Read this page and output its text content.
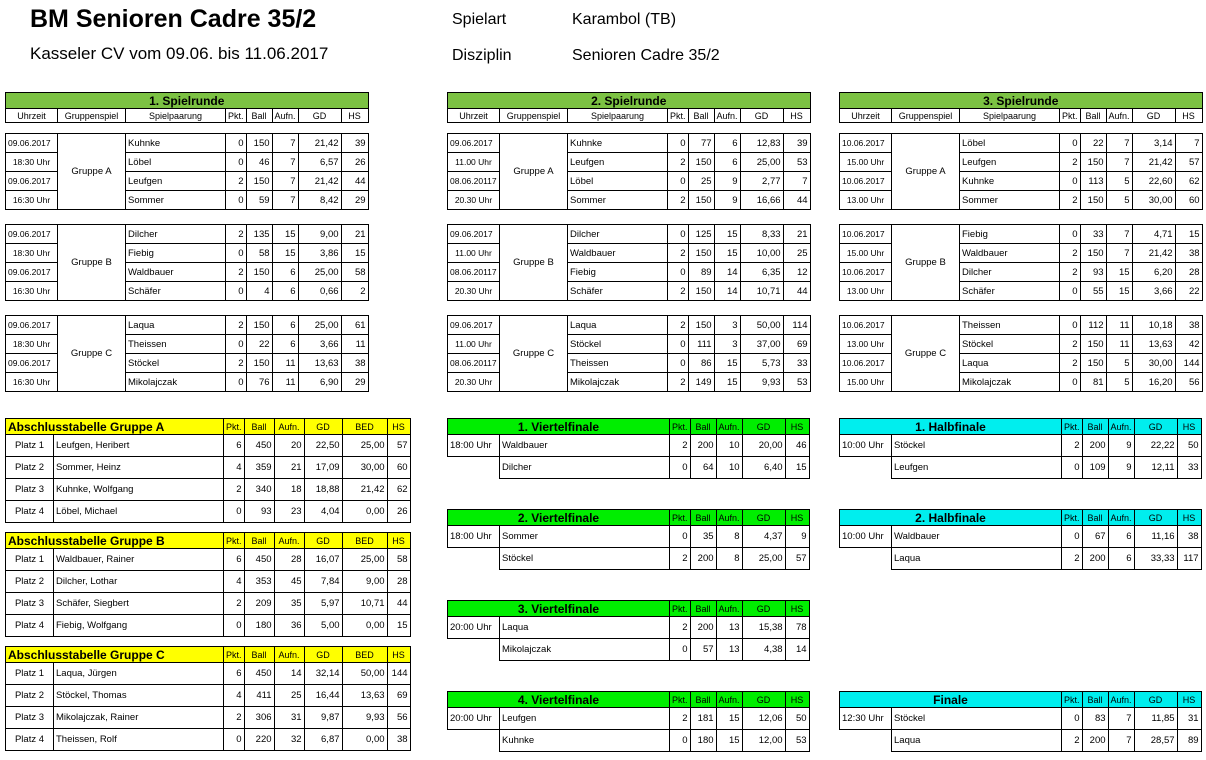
BM Senioren Cadre 35/2
Kasseler CV vom 09.06. bis 11.06.2017
Spielart	Karambol (TB)
Disziplin	Senioren Cadre 35/2
1. Spielrunde							
Uhrzeit	Gruppenspiel	Spielpaarung	Pkt.	Ball	Aufn.	GD	HS

09.06.2017	Gruppe A	Kuhnke	0	150	7	21,42	39
18:30 Uhr		Löbel	0	46	7	6,57	26
09.06.2017		Leufgen	2	150	7	21,42	44
16:30 Uhr		Sommer	0	59	7	8,42	29

09.06.2017	Gruppe B	Dilcher	2	135	15	9,00	21
18:30 Uhr		Fiebig	0	58	15	3,86	15
09.06.2017		Waldbauer	2	150	6	25,00	58
16:30 Uhr		Schäfer	0	4	6	0,66	2

09.06.2017	Gruppe C	Laqua	2	150	6	25,00	61
18:30 Uhr		Theissen	0	22	6	3,66	11
09.06.2017		Stöckel	2	150	11	13,63	38
16:30 Uhr		Mikolajczak	0	76	11	6,90	29
2. Spielrunde							
Uhrzeit	Gruppenspiel	Spielpaarung	Pkt.	Ball	Aufn.	GD	HS

09.06.2017	Gruppe A	Kuhnke	0	77	6	12,83	39
11.00 Uhr		Leufgen	2	150	6	25,00	53
08.06.20117		Löbel	0	25	9	2,77	7
20.30 Uhr		Sommer	2	150	9	16,66	44

09.06.2017	Gruppe B	Dilcher	0	125	15	8,33	21
11.00 Uhr		Waldbauer	2	150	15	10,00	25
08.06.20117		Fiebig	0	89	14	6,35	12
20.30 Uhr		Schäfer	2	150	14	10,71	44

09.06.2017	Gruppe C	Laqua	2	150	3	50,00	114
11.00 Uhr		Stöckel	0	111	3	37,00	69
08.06.20117		Theissen	0	86	15	5,73	33
20.30 Uhr		Mikolajczak	2	149	15	9,93	53
3. Spielrunde							
Uhrzeit	Gruppenspiel	Spielpaarung	Pkt.	Ball	Aufn.	GD	HS

10.06.2017	Gruppe A	Löbel	0	22	7	3,14	7
15.00 Uhr		Leufgen	2	150	7	21,42	57
10.06.2017		Kuhnke	0	113	5	22,60	62
13.00 Uhr		Sommer	2	150	5	30,00	60

10.06.2017	Gruppe B	Fiebig	0	33	7	4,71	15
15.00 Uhr		Waldbauer	2	150	7	21,42	38
10.06.2017		Dilcher	2	93	15	6,20	28
13.00 Uhr		Schäfer	0	55	15	3,66	22

10.06.2017	Gruppe C	Theissen	0	112	11	10,18	38
13.00 Uhr		Stöckel	2	150	11	13,63	42
10.06.2017		Laqua	2	150	5	30,00	144
15.00 Uhr		Mikolajczak	0	81	5	16,20	56
Abschlusstabelle Gruppe A		Pkt.	Ball	Aufn.	GD	BED	HS
Platz 1	Leufgen, Heribert	6	450	20	22,50	25,00	57
Platz 2	Sommer, Heinz	4	359	21	17,09	30,00	60
Platz 3	Kuhnke, Wolfgang	2	340	18	18,88	21,42	62
Platz 4	Löbel, Michael	0	93	23	4,04	0,00	26
Abschlusstabelle Gruppe B		Pkt.	Ball	Aufn.	GD	BED	HS
Platz 1	Waldbauer, Rainer	6	450	28	16,07	25,00	58
Platz 2	Dilcher, Lothar	4	353	45	7,84	9,00	28
Platz 3	Schäfer, Siegbert	2	209	35	5,97	10,71	44
Platz 4	Fiebig, Wolfgang	0	180	36	5,00	0,00	15
Abschlusstabelle Gruppe C		Pkt.	Ball	Aufn.	GD	BED	HS
Platz 1	Laqua, Jürgen	6	450	14	32,14	50,00	144
Platz 2	Stöckel, Thomas	4	411	25	16,44	13,63	69
Platz 3	Mikolajczak, Rainer	2	306	31	9,87	9,93	56
Platz 4	Theissen, Rolf	0	220	32	6,87	0,00	38
1. Viertelfinale		Pkt.	Ball	Aufn.	GD	HS
18:00 Uhr	Waldbauer	2	200	10	20,00	46
	Dilcher	0	64	10	6,40	15
2. Viertelfinale		Pkt.	Ball	Aufn.	GD	HS
18:00 Uhr	Sommer	0	35	8	4,37	9
	Stöckel	2	200	8	25,00	57
3. Viertelfinale		Pkt.	Ball	Aufn.	GD	HS
20:00 Uhr	Laqua	2	200	13	15,38	78
	Mikolajczak	0	57	13	4,38	14
4. Viertelfinale		Pkt.	Ball	Aufn.	GD	HS
20:00 Uhr	Leufgen	2	181	15	12,06	50
	Kuhnke	0	180	15	12,00	53
1. Halbfinale		Pkt.	Ball	Aufn.	GD	HS
10:00 Uhr	Stöckel	2	200	9	22,22	50
	Leufgen	0	109	9	12,11	33
2. Halbfinale		Pkt.	Ball	Aufn.	GD	HS
10:00 Uhr	Waldbauer	0	67	6	11,16	38
	Laqua	2	200	6	33,33	117
Finale		Pkt.	Ball	Aufn.	GD	HS
12:30 Uhr	Stöckel	0	83	7	11,85	31
	Laqua	2	200	7	28,57	89
